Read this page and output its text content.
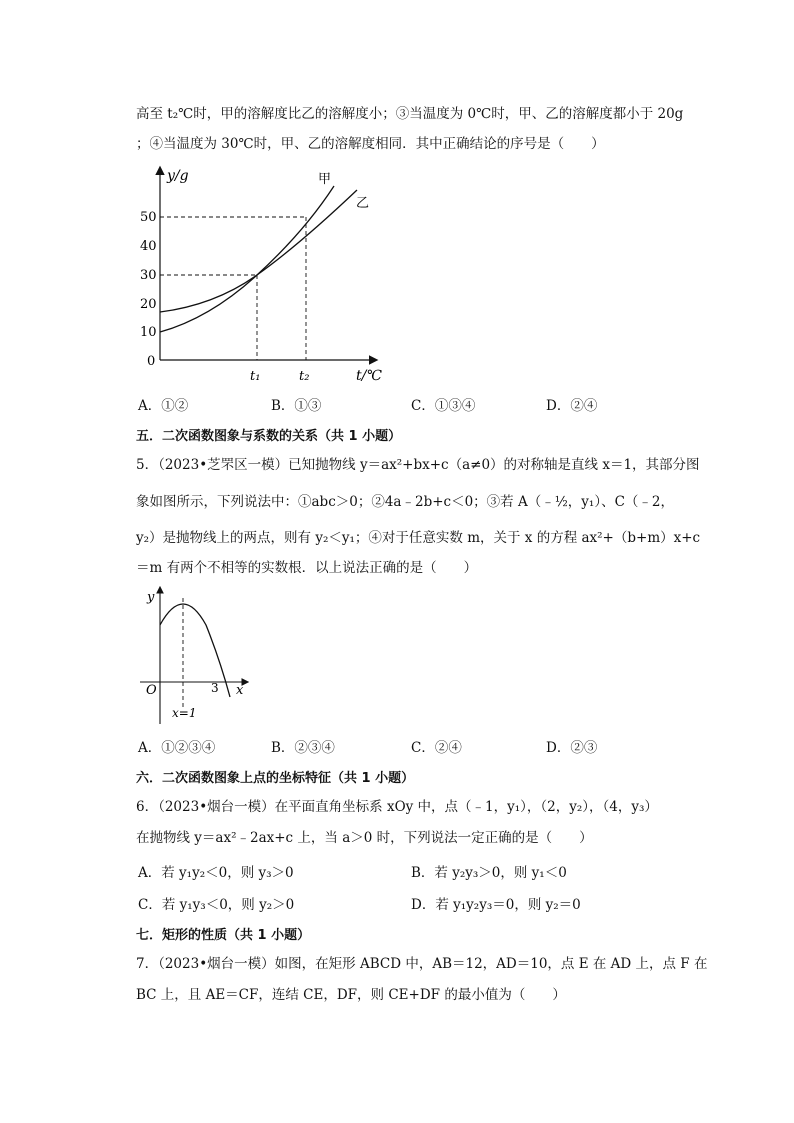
高至 t₂℃时，甲的溶解度比乙的溶解度小；③当温度为 0℃时，甲、乙的溶解度都小于 20g
；④当温度为 30℃时，甲、乙的溶解度相同．其中正确结论的序号是（　　）
y/g
t/℃
0
10
20
30
40
50
t₁	t₂
甲
乙
A．①②	B．①③	C．①③④	D．②④
五．二次函数图象与系数的关系（共 1 小题）
5．（2023•芝罘区一模）已知抛物线 y＝ax²+bx+c（a≠0）的对称轴是直线 x＝1，其部分图
象如图所示，下列说法中：①abc＞0；②4a﹣2b+c＜0；③若 A（﹣½，y₁）、C（﹣2，
y₂）是抛物线上的两点，则有 y₂＜y₁；④对于任意实数 m，关于 x 的方程 ax²+（b+m）x+c
＝m 有两个不相等的实数根．以上说法正确的是（　　）
y
x
O	3
x=1
A．①②③④	B．②③④	C．②④	D．②③
六．二次函数图象上点的坐标特征（共 1 小题）
6．（2023•烟台一模）在平面直角坐标系 xOy 中，点（﹣1，y₁），（2，y₂），（4，y₃）
在抛物线 y＝ax²﹣2ax+c 上，当 a＞0 时，下列说法一定正确的是（　　）
A．若 y₁y₂＜0，则 y₃＞0	B．若 y₂y₃＞0，则 y₁＜0
C．若 y₁y₃＜0，则 y₂＞0	D．若 y₁y₂y₃＝0，则 y₂＝0
七．矩形的性质（共 1 小题）
7．（2023•烟台一模）如图，在矩形 ABCD 中，AB＝12，AD＝10，点 E 在 AD 上，点 F 在
BC 上，且 AE＝CF，连结 CE，DF，则 CE+DF 的最小值为（　　）
